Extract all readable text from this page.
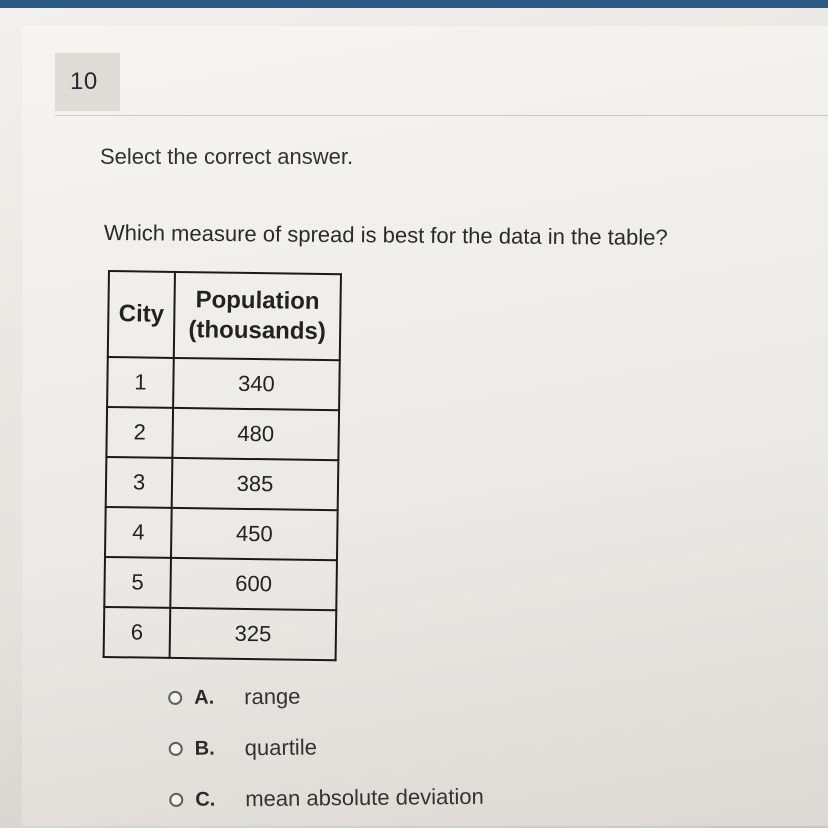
10
Select the correct answer.
Which measure of spread is best for the data in the table?
City	Population
(thousands)

1	340
2	480
3	385
4	450
5	600
6	325
A. range
B. quartile
C. mean absolute deviation
